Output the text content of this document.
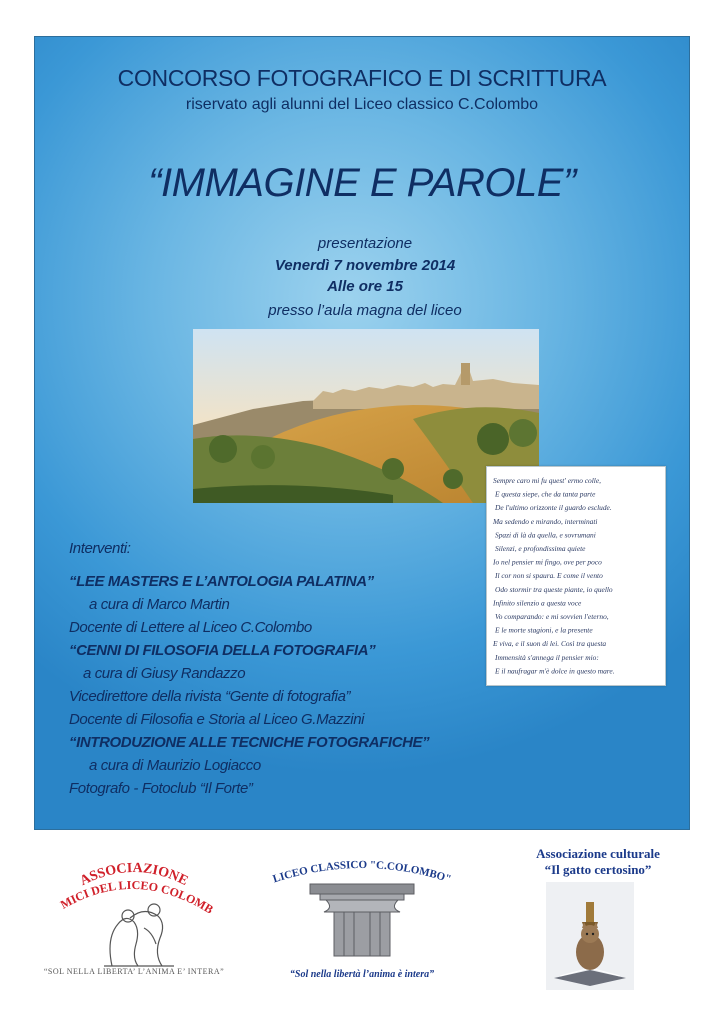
CONCORSO FOTOGRAFICO E DI SCRITTURA
riservato agli alunni del Liceo classico C.Colombo
“IMMAGINE E PAROLE”
presentazione
Venerdì 7 novembre 2014
Alle ore 15
presso l’aula magna del liceo
Sempre caro mi fu quest' ermo colle,
E questa siepe, che da tanta parte
De l'ultimo orizzonte il guardo esclude.
Ma sedendo e mirando, interminati
Spazi di là da quella, e sovrumani
Silenzi, e profondissima quiete
Io nel pensier mi fingo, ove per poco
Il cor non si spaura. E come il vento
Odo stormir tra queste piante, io quello
Infinito silenzio a questa voce
Vo comparando: e mi sovvien l'eterno,
E le morte stagioni, e la presente
E viva, e il suon di lei. Così tra questa
Immensità s'annega il pensier mio:
E il naufragar m'è dolce in questo mare.
Interventi:
“LEE MASTERS E L’ANTOLOGIA PALATINA”
a cura di Marco Martin
Docente di Lettere al Liceo C.Colombo
“CENNI DI FILOSOFIA DELLA FOTOGRAFIA”
a cura di Giusy Randazzo
Vicedirettore della rivista “Gente di fotografia”
Docente di Filosofia e Storia al Liceo G.Mazzini
“INTRODUZIONE ALLE TECNICHE FOTOGRAFICHE”
a cura di Maurizio Logiacco
Fotografo - Fotoclub “Il Forte”
ASSOCIAZIONE
MICI DEL LICEO COLOMB
“SOL NELLA LIBERTA’ L’ANIMA E’ INTERA”
LICEO CLASSICO "C.COLOMBO"
“Sol nella libertà l’anima è intera”
Associazione culturale
“Il gatto certosino”
